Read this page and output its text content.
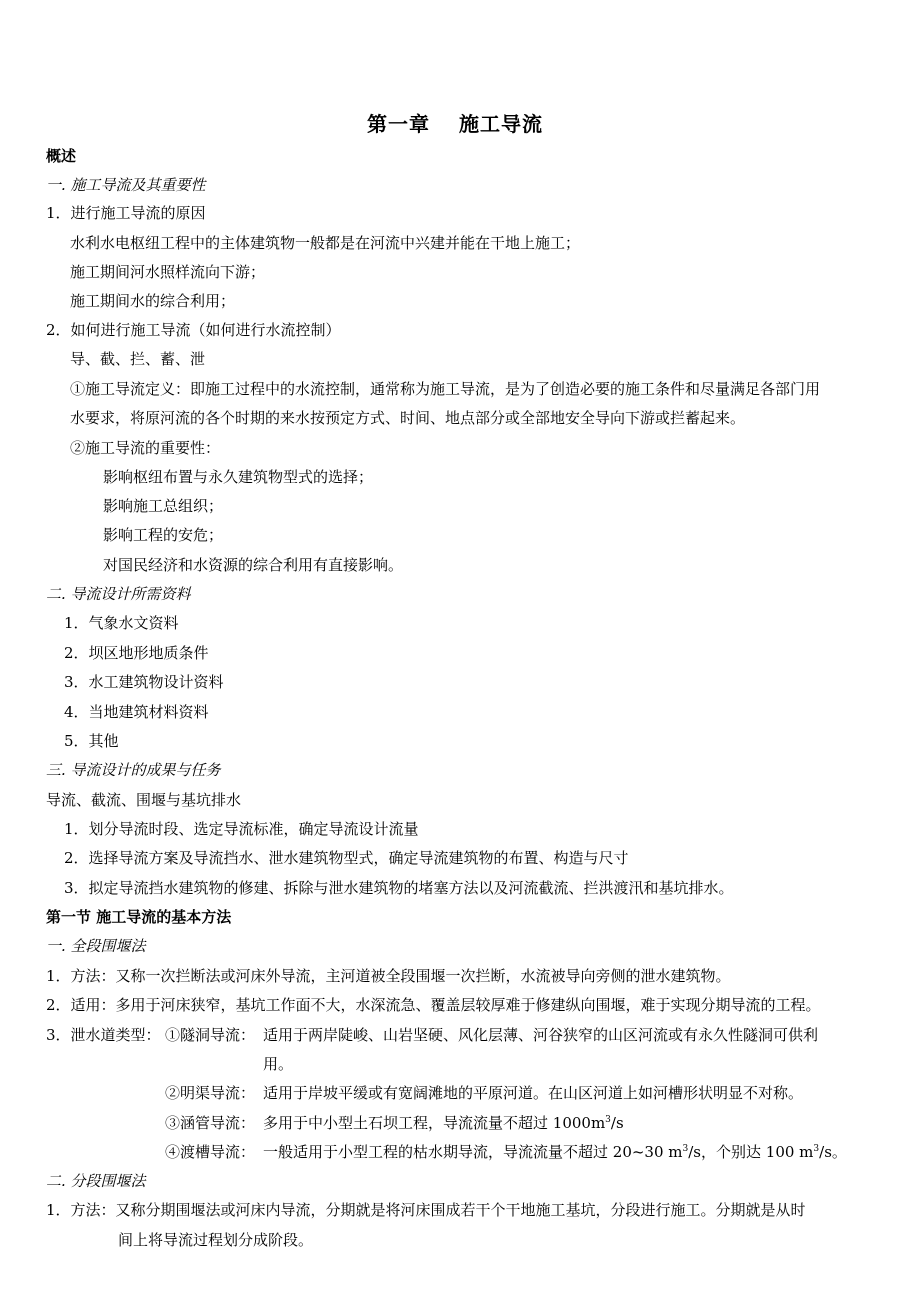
第一章　 施工导流
概述
一. 施工导流及其重要性
1．进行施工导流的原因
水利水电枢纽工程中的主体建筑物一般都是在河流中兴建并能在干地上施工；
施工期间河水照样流向下游；
施工期间水的综合利用；
2．如何进行施工导流（如何进行水流控制）
导、截、拦、蓄、泄
①施工导流定义：即施工过程中的水流控制，通常称为施工导流，是为了创造必要的施工条件和尽量满足各部门用
水要求，将原河流的各个时期的来水按预定方式、时间、地点部分或全部地安全导向下游或拦蓄起来。
②施工导流的重要性：
影响枢纽布置与永久建筑物型式的选择；
影响施工总组织；
影响工程的安危；
对国民经济和水资源的综合利用有直接影响。
二. 导流设计所需资料
1．气象水文资料
2．坝区地形地质条件
3．水工建筑物设计资料
4．当地建筑材料资料
5．其他
三. 导流设计的成果与任务
导流、截流、围堰与基坑排水
1．划分导流时段、选定导流标准，确定导流设计流量
2．选择导流方案及导流挡水、泄水建筑物型式，确定导流建筑物的布置、构造与尺寸
3．拟定导流挡水建筑物的修建、拆除与泄水建筑物的堵塞方法以及河流截流、拦洪渡汛和基坑排水。
第一节 施工导流的基本方法
一. 全段围堰法
1．方法：又称一次拦断法或河床外导流，主河道被全段围堰一次拦断，水流被导向旁侧的泄水建筑物。
2．适用：多用于河床狭窄，基坑工作面不大，水深流急、覆盖层较厚难于修建纵向围堰，难于实现分期导流的工程。
3．泄水道类型： ①隧洞导流： 适用于两岸陡峻、山岩坚硬、风化层薄、河谷狭窄的山区河流或有永久性隧洞可供利
用。
②明渠导流： 适用于岸坡平缓或有宽阔滩地的平原河道。在山区河道上如河槽形状明显不对称。
③涵管导流： 多用于中小型土石坝工程，导流流量不超过 $1000m^3/s$
④渡槽导流： 一般适用于小型工程的枯水期导流，导流流量不超过 20~30 $m^3/s$，个别达 100 $m^3/s$。
二. 分段围堰法
1．方法：又称分期围堰法或河床内导流，分期就是将河床围成若干个干地施工基坑，分段进行施工。分期就是从时
间上将导流过程划分成阶段。
